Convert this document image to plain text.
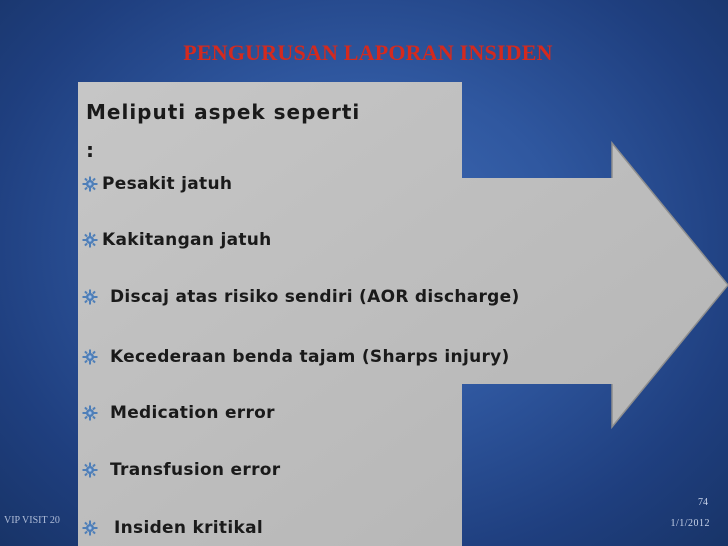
PENGURUSAN LAPORAN INSIDEN
Meliputi aspek seperti
:
Pesakit jatuh
Kakitangan jatuh
Discaj atas risiko sendiri (AOR discharge)
Kecederaan benda tajam (Sharps injury)
Medication error
Transfusion error
Insiden kritikal
VIP VISIT 20
74
1/1/2012
